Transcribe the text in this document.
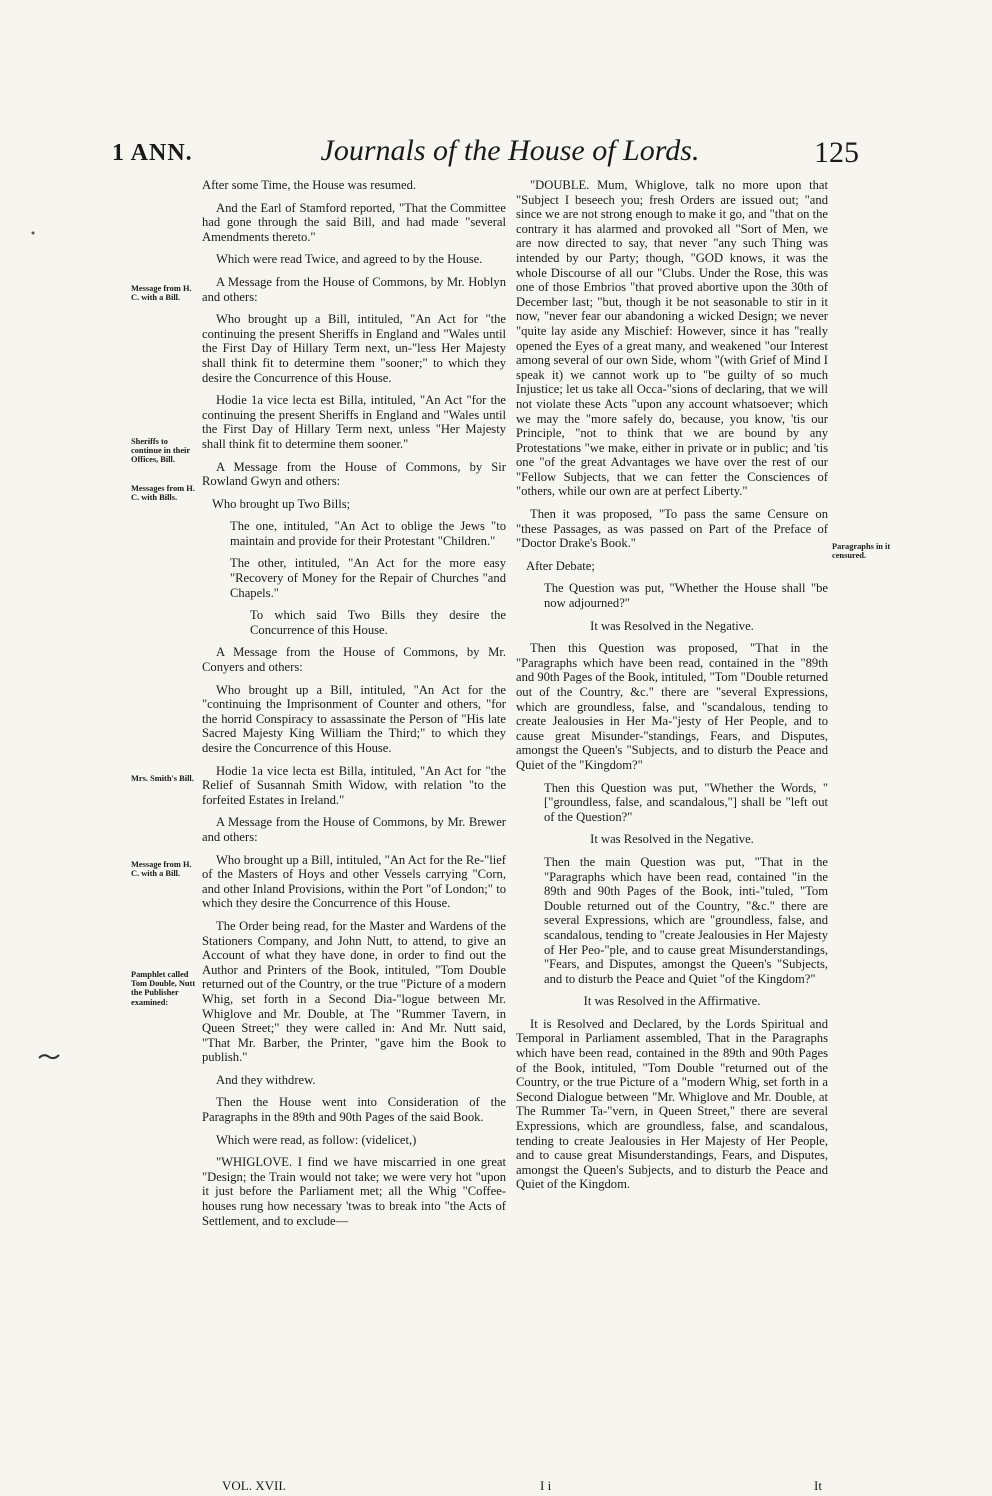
1 ANN.	Journals of the House of Lords.	125
Message from H. C. with a Bill.
Sheriffs to continue in their Offices, Bill.
Messages from H. C. with Bills.
Mrs. Smith's Bill.
Message from H. C. with a Bill.
Pamphlet called Tom Double, Nutt the Publisher examined:
Paragraphs in it censured.

After some Time, the House was resumed.

And the Earl of Stamford reported, "That the Committee had gone through the said Bill, and had made "several Amendments thereto."

Which were read Twice, and agreed to by the House.

A Message from the House of Commons, by Mr. Hoblyn and others:

Who brought up a Bill, intituled, "An Act for "the continuing the present Sheriffs in England and "Wales until the First Day of Hillary Term next, un-"less Her Majesty shall think fit to determine them "sooner;" to which they desire the Concurrence of this House.

Hodie 1a vice lecta est Billa, intituled, "An Act "for the continuing the present Sheriffs in England and "Wales until the First Day of Hillary Term next, unless "Her Majesty shall think fit to determine them sooner."

A Message from the House of Commons, by Sir Rowland Gwyn and others:

Who brought up Two Bills;

The one, intituled, "An Act to oblige the Jews "to maintain and provide for their Protestant "Children."

The other, intituled, "An Act for the more easy "Recovery of Money for the Repair of Churches "and Chapels."

To which said Two Bills they desire the Concurrence of this House.

A Message from the House of Commons, by Mr. Conyers and others:

Who brought up a Bill, intituled, "An Act for the "continuing the Imprisonment of Counter and others, "for the horrid Conspiracy to assassinate the Person of "His late Sacred Majesty King William the Third;" to which they desire the Concurrence of this House.

Hodie 1a vice lecta est Billa, intituled, "An Act for "the Relief of Susannah Smith Widow, with relation "to the forfeited Estates in Ireland."

A Message from the House of Commons, by Mr. Brewer and others:

Who brought up a Bill, intituled, "An Act for the Re-"lief of the Masters of Hoys and other Vessels carrying "Corn, and other Inland Provisions, within the Port "of London;" to which they desire the Concurrence of this House.

The Order being read, for the Master and Wardens of the Stationers Company, and John Nutt, to attend, to give an Account of what they have done, in order to find out the Author and Printers of the Book, intituled, "Tom Double returned out of the Country, or the true "Picture of a modern Whig, set forth in a Second Dia-"logue between Mr. Whiglove and Mr. Double, at The "Rummer Tavern, in Queen Street;" they were called in: And Mr. Nutt said, "That Mr. Barber, the Printer, "gave him the Book to publish."

And they withdrew.

Then the House went into Consideration of the Paragraphs in the 89th and 90th Pages of the said Book.

Which were read, as follow: (videlicet,)

"WHIGLOVE. I find we have miscarried in one great "Design; the Train would not take; we were very hot "upon it just before the Parliament met; all the Whig "Coffee-houses rung how necessary 'twas to break into "the Acts of Settlement, and to exclude—

"DOUBLE. Mum, Whiglove, talk no more upon that "Subject I beseech you; fresh Orders are issued out; "and since we are not strong enough to make it go, and "that on the contrary it has alarmed and provoked all "Sort of Men, we are now directed to say, that never "any such Thing was intended by our Party; though, "GOD knows, it was the whole Discourse of all our "Clubs. Under the Rose, this was one of those Embrios "that proved abortive upon the 30th of December last; "but, though it be not seasonable to stir in it now, "never fear our abandoning a wicked Design; we never "quite lay aside any Mischief: However, since it has "really opened the Eyes of a great many, and weakened "our Interest among several of our own Side, whom "(with Grief of Mind I speak it) we cannot work up to "be guilty of so much Injustice; let us take all Occa-"sions of declaring, that we will not violate these Acts "upon any account whatsoever; which we may the "more safely do, because, you know, 'tis our Principle, "not to think that we are bound by any Protestations "we make, either in private or in public; and 'tis one "of the great Advantages we have over the rest of our "Fellow Subjects, that we can fetter the Consciences of "others, while our own are at perfect Liberty."

Then it was proposed, "To pass the same Censure on "these Passages, as was passed on Part of the Preface of "Doctor Drake's Book."

After Debate;

The Question was put, "Whether the House shall "be now adjourned?"

It was Resolved in the Negative.

Then this Question was proposed, "That in the "Paragraphs which have been read, contained in the "89th and 90th Pages of the Book, intituled, "Tom "Double returned out of the Country, &c." there are "several Expressions, which are groundless, false, and "scandalous, tending to create Jealousies in Her Ma-"jesty of Her People, and to cause great Misunder-"standings, Fears, and Disputes, amongst the Queen's "Subjects, and to disturb the Peace and Quiet of the "Kingdom?"

Then this Question was put, "Whether the Words, "["groundless, false, and scandalous,"] shall be "left out of the Question?"

It was Resolved in the Negative.

Then the main Question was put, "That in the "Paragraphs which have been read, contained "in the 89th and 90th Pages of the Book, inti-"tuled, "Tom Double returned out of the Country, "&c." there are several Expressions, which are "groundless, false, and scandalous, tending to "create Jealousies in Her Majesty of Her Peo-"ple, and to cause great Misunderstandings, "Fears, and Disputes, amongst the Queen's "Subjects, and to disturb the Peace and Quiet "of the Kingdom?"

It was Resolved in the Affirmative.

It is Resolved and Declared, by the Lords Spiritual and Temporal in Parliament assembled, That in the Paragraphs which have been read, contained in the 89th and 90th Pages of the Book, intituled, "Tom Double "returned out of the Country, or the true Picture of a "modern Whig, set forth in a Second Dialogue between "Mr. Whiglove and Mr. Double, at The Rummer Ta-"vern, in Queen Street," there are several Expressions, which are groundless, false, and scandalous, tending to create Jealousies in Her Majesty of Her People, and to cause great Misunderstandings, Fears, and Disputes, amongst the Queen's Subjects, and to disturb the Peace and Quiet of the Kingdom.

VOL. XVII.	I i	It
